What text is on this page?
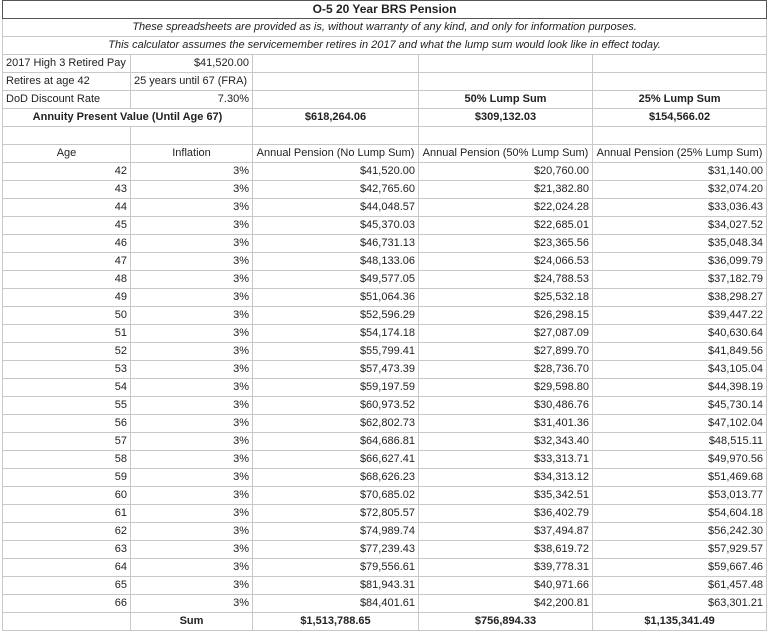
O-5 20 Year BRS Pension				
These spreadsheets are provided as is, without warranty of any kind, and only for information purposes.				
This calculator assumes the servicemember retires in 2017 and what the lump sum would look like in effect today.				
2017 High 3 Retired Pay	$41,520.00			
Retires at age 42	25 years until 67 (FRA)			
DoD Discount Rate	7.30%		50% Lump Sum	25% Lump Sum
Annuity Present Value (Until Age 67)		$618,264.06	$309,132.03	$154,566.02

Age	Inflation	Annual Pension (No Lump Sum)	Annual Pension (50% Lump Sum)	Annual Pension (25% Lump Sum)
42	3%	$41,520.00	$20,760.00	$31,140.00
43	3%	$42,765.60	$21,382.80	$32,074.20
44	3%	$44,048.57	$22,024.28	$33,036.43
45	3%	$45,370.03	$22,685.01	$34,027.52
46	3%	$46,731.13	$23,365.56	$35,048.34
47	3%	$48,133.06	$24,066.53	$36,099.79
48	3%	$49,577.05	$24,788.53	$37,182.79
49	3%	$51,064.36	$25,532.18	$38,298.27
50	3%	$52,596.29	$26,298.15	$39,447.22
51	3%	$54,174.18	$27,087.09	$40,630.64
52	3%	$55,799.41	$27,899.70	$41,849.56
53	3%	$57,473.39	$28,736.70	$43,105.04
54	3%	$59,197.59	$29,598.80	$44,398.19
55	3%	$60,973.52	$30,486.76	$45,730.14
56	3%	$62,802.73	$31,401.36	$47,102.04
57	3%	$64,686.81	$32,343.40	$48,515.11
58	3%	$66,627.41	$33,313.71	$49,970.56
59	3%	$68,626.23	$34,313.12	$51,469.68
60	3%	$70,685.02	$35,342.51	$53,013.77
61	3%	$72,805.57	$36,402.79	$54,604.18
62	3%	$74,989.74	$37,494.87	$56,242.30
63	3%	$77,239.43	$38,619.72	$57,929.57
64	3%	$79,556.61	$39,778.31	$59,667.46
65	3%	$81,943.31	$40,971.66	$61,457.48
66	3%	$84,401.61	$42,200.81	$63,301.21
	Sum	$1,513,788.65	$756,894.33	$1,135,341.49
